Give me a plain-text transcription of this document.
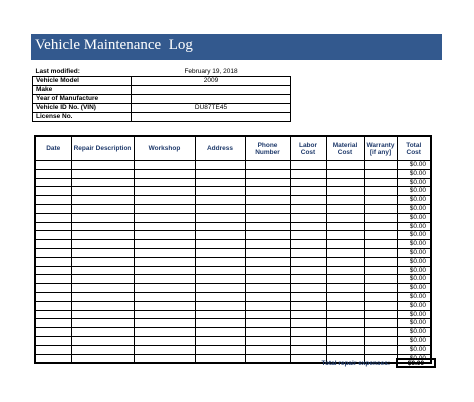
Vehicle Maintenance  Log
Last modified:	February 19, 2018
Vehicle Model	2009
Make	
Year of Manufacture	
Vehicle ID No. (VIN)	DU87TE45
License No.	
Date	Repair Description	Workshop	Address	Phone Number	Labor Cost	Material Cost	Warranty [if any]	Total Cost
								$0.00
								$0.00
								$0.00
								$0.00
								$0.00
								$0.00
								$0.00
								$0.00
								$0.00
								$0.00
								$0.00
								$0.00
								$0.00
								$0.00
								$0.00
								$0.00
								$0.00
								$0.00
								$0.00
								$0.00
								$0.00
								$0.00
								$0.00
Total repair expenses:	$0.00
